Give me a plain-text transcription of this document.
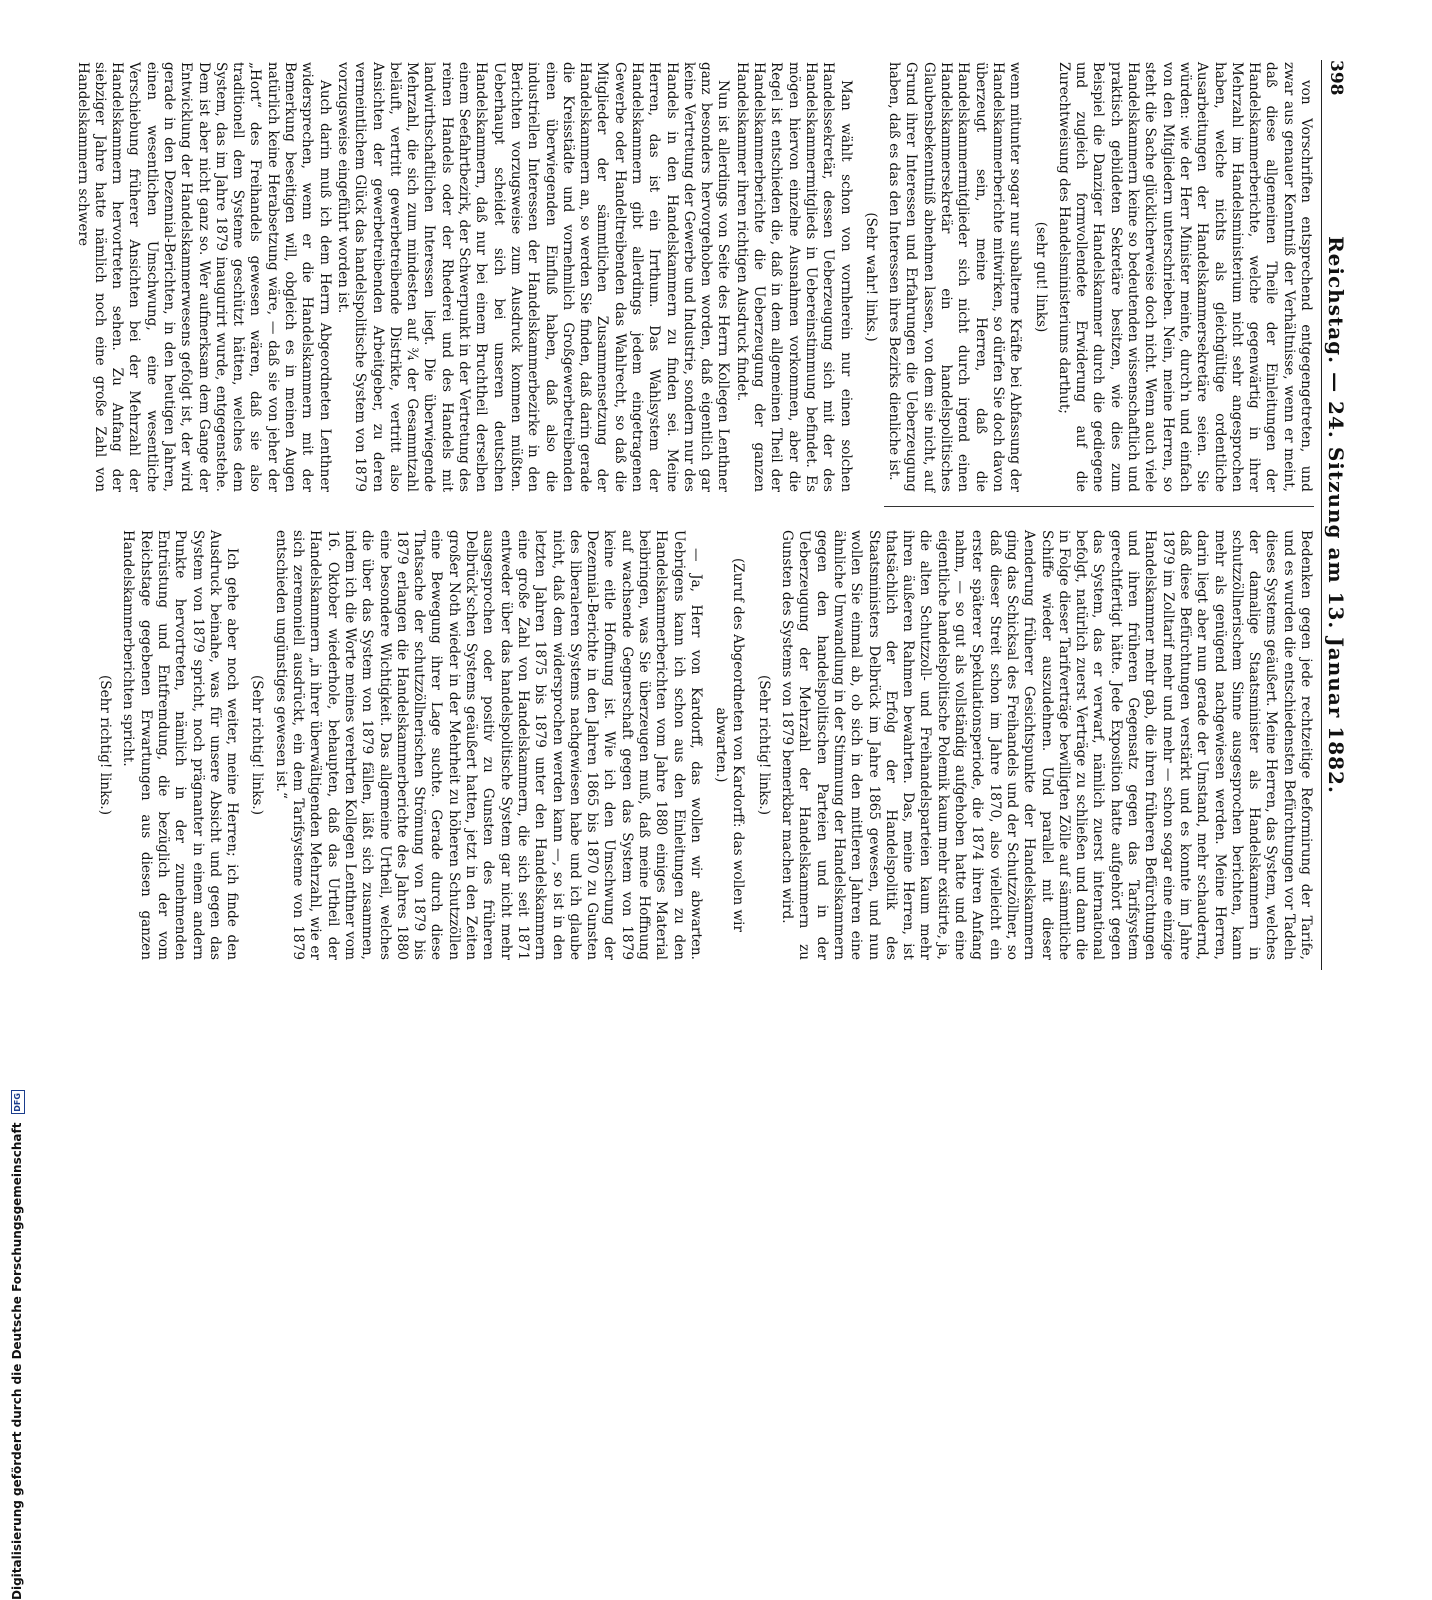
398
Reichstag. — 24. Sitzung am 13. Januar 1882.

von Vorschriften entsprechend entgegengetreten, und zwar aus genauer Kenntniß der Verhältnisse, wenn er meint, daß diese allgemeinen Theile der Einleitungen der Handelskammerberichte, welche gegenwärtig in ihrer Mehrzahl im Handelsministerium nicht sehr angesprochen haben, welche nichts als gleichgültige ordentliche Ausarbeitungen der Handelskammersekretäre seien. Sie würden: wie der Herr Minister meinte, durch'n und einfach von den Mitgliedern unterschrieben. Nein, meine Herren, so steht die Sache glücklicherweise doch nicht. Wenn auch viele Handelskammern keine so bedeutenden wissenschaftlich und praktisch gebildeten Sekretäre besitzen, wie dies zum Beispiel die Danziger Handelskammer durch die gediegene und zugleich formvollendete Erwiderung auf die Zurechtweisung des Handelsministeriums darthut;

(sehr gut! links)

wenn mitunter sogar nur subalterne Kräfte bei Abfassung der Handelskammerberichte mitwirken, so dürfen Sie doch davon überzeugt sein, meine Herren, daß die Handelskammermitglieder sich nicht durch irgend einen Handelskammersekretär ein handelspolitisches Glaubensbekenntniß abnehmen lassen, von dem sie nicht, auf Grund ihrer Interessen und Erfahrungen die Ueberzeugung haben, daß es das den Interessen ihres Bezirks dienliche ist.

(Sehr wahr! links.)

Man wählt schon von vornherein nur einen solchen Handelssekretär, dessen Ueberzeugung sich mit der des Handelskammermitglieds in Uebereinstimmung befindet. Es mögen hiervon einzelne Ausnahmen vorkommen, aber die Regel ist entschieden die, daß in dem allgemeinen Theil der Handelskammerberichte die Ueberzeugung der ganzen Handelskammer ihren richtigen Ausdruck findet.

Nun ist allerdings von Seite des Herrn Kollegen Lenthner ganz besonders hervorgehoben worden, daß eigentlich gar keine Vertretung der Gewerbe und Industrie, sondern nur des Handels in den Handelskammern zu finden sei. Meine Herren, das ist ein Irrthum. Das Wahlsystem der Handelskammern gibt allerdings jedem eingetragenen Gewerbe oder Handeltreibenden das Wahlrecht, so daß die Mitglieder der sämmtlichen Zusammensetzung der Handelskammern an, so werden Sie finden, daß darin gerade die Kreisstädte und vornehmlich Großgewerbetreibenden einen überwiegenden Einfluß haben, daß also die industriellen Interessen der Handelskammerbezirke in den Berichten vorzugsweise zum Ausdruck kommen müßten. Ueberhaupt scheidet sich bei unseren deutschen Handelskammern, daß nur bei einem Bruchtheil derselben einem Seefahrtbezirk, der Schwerpunkt in der Vertretung des reinen Handels oder der Rhederei und des Handels mit landwirthschaftlichen Interessen liegt. Die überwiegende Mehrzahl, die sich zum mindesten auf ¾ der Gesammtzahl beläuft, vertritt gewerbetreibende Distrikte, vertritt also Ansichten der gewerbetreibenden Arbeitgeber, zu deren vermeintlichem Glück das handelspolitische System von 1879 vorzugsweise eingeführt worden ist.

Auch darin muß ich dem Herrn Abgeordneten Lenthner widersprechen, wenn er die Handelskammern mit der Bemerkung beseitigen will, obgleich es in meinen Augen natürlich keine Herabsetzung wäre, — daß sie von jeher der „Hort“ des Freihandels gewesen wären, daß sie also traditionell dem Systeme geschützt hätten, welches dem System, das im Jahre 1879 inaugurirt wurde, entgegenstehe. Dem ist aber nicht ganz so. Wer aufmerksam dem Gange der Entwicklung der Handelskammerwesens gefolgt ist, der wird gerade in den Dezennial-Berichten, in den heutigen Jahren, einen wesentlichen Umschwung, eine wesentliche Verschiebung früherer Ansichten bei der Mehrzahl der Handelskammern hervortreten sehen. Zu Anfang der siebziger Jahre hatte nämlich noch eine große Zahl von Handelskammern schwere

Bedenken gegen jede rechtzeitige Reformirung der Tarife, und es wurden die entschiedensten Befürchtungen vor Tadeln dieses Systems geäußert. Meine Herren, das System, welches der damalige Staatsminister als Handelskammern in schutzzöllnerischem Sinne ausgesprochen berichten, kann mehr als genügend nachgewiesen werden. Meine Herren, darin liegt aber nun gerade der Umstand, mehr schaudernd, daß diese Befürchtungen verstärkt und es konnte im Jahre 1879 im Zolltarif mehr und mehr — schon sogar eine einzige Handelskammer mehr gab, die ihren früheren Befürchtungen und ihren früheren Gegensatz gegen das Tarifsystem gerechtfertigt hätte. Jede Exposition hatte aufgehört gegen das System, das er verwarf, nämlich zuerst international befolgt, natürlich zuerst Verträge zu schließen und dann die in Folge dieser Tarifverträge bewilligten Zölle auf sämmtliche Schiffe wieder auszudehnen. Und parallel mit dieser Aenderung früherer Gesichtspunkte der Handelskammern ging das Schicksal des Freihandels und der Schutzzöllner, so daß dieser Streit schon im Jahre 1870, also vielleicht ein erster späterer Spekulationsperiode, die 1874 ihren Anfang nahm, — so gut als vollständig aufgehoben hatte und eine eigentliche handelspolitische Polemik kaum mehr existirte, ja, die alten Schutzzoll- und Freihandelsparteien kaum mehr ihren äußeren Rahmen bewahrten. Das, meine Herren, ist thatsächlich der Erfolg der Handelspolitik des Staatsministers Delbrück im Jahre 1865 gewesen, und nun wollen Sie einmal ab, ob sich in den mittleren Jahren eine ähnliche Umwandlung in der Stimmung der Handelskammern gegen den handelspolitischen Parteien und in der Ueberzeugung der Mehrzahl der Handelskammern zu Gunsten des Systems von 1879 bemerkbar machen wird.

(Sehr richtig! links.)

(Zuruf des Abgeordneten von Kardorff: das wollen wir abwarten.)

— Ja, Herr von Kardorff, das wollen wir abwarten. Uebrigens kann ich schon aus den Einleitungen zu den Handelskammerberichten vom Jahre 1880 einiges Material beibringen, was Sie überzeugen muß, daß meine Hoffnung auf wachsende Gegnerschaft gegen das System von 1879 keine eitle Hoffnung ist. Wie ich den Umschwung der Dezennial-Berichte in den Jahren 1865 bis 1870 zu Gunsten des liberaleren Systems nachgewiesen habe und ich glaube nicht, daß dem widersprochen werden kann —, so ist in den letzten Jahren 1875 bis 1879 unter den Handelskammern eine große Zahl von Handelskammern, die sich seit 1871 entweder über das handelspolitische System gar nicht mehr ausgesprochen oder positiv zu Gunsten des früheren Delbrück'schen Systems geäußert hatten, jetzt in den Zeiten großer Noth wieder in der Mehrheit zu höheren Schutzzöllen eine Bewegung ihrer Lage suchte. Gerade durch diese Thatsache der schutzzöllnerischen Strömung von 1879 bis 1879 erlangen die Handelskammerberichte des Jahres 1880 eine besondere Wichtigkeit. Das allgemeine Urtheil, welches die über das System von 1879 fällen, läßt sich zusammen, indem ich die Worte meines verehrten Kollegen Lenthner vom 16. Oktober wiederhole, behaupten, daß das Urtheil der Handelskammern „in ihrer überwältigenden Mehrzahl, wie er sich zeremoniell ausdrückt, ein dem Tarifsysteme von 1879 entschieden ungünstiges gewesen ist.“

(Sehr richtig! links.)

Ich gehe aber noch weiter, meine Herren; ich finde den Ausdruck beinahe, was für unsere Absicht und gegen das System von 1879 spricht, noch prägnanter in einem andern Punkte hervortreten, nämlich in der zunehmenden Entrüstung und Entfremdung, die bezüglich der vom Reichstage gegebenen Erwartungen aus diesen ganzen Handelskammerberichten spricht.

(Sehr richtig! links.)

Digitalisierung gefördert durch die Deutsche Forschungsgemeinschaft DFG
